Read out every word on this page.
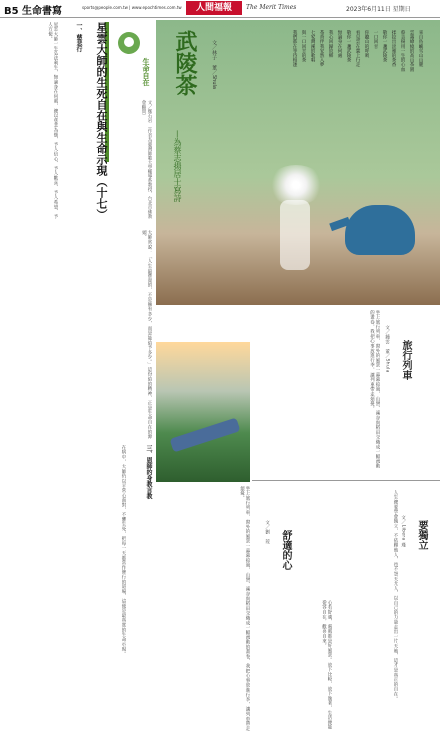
B5 生命書寫	sports@people.com.tw | www.epochtimes.com.tw	人間福報	The Merit Times	2023年6月11日 星期日
生命自在
文／鄭石岩 （作者為臺灣師範大學輔導系教授、台北市佛教會顧問）
星雲大師的生死自在與生命示現（十七）
一、慈悲行
星雲大師一生弘法利生，無論身在何處，總以慈悲為懷，予人信心、予人歡喜、予人希望、予人方便。
大師常說：「人生最寶貴的，不是擁有多少，而是能給予多少。」這份給的精神，正是生命自在的源頭。
三、恩師的身教言教
在病中，大師仍以平常心面對，不懼生死，把每一天都當作修行的道場，這便是最真實的生命示現。
武陵茶
—為蔡志揚居士寫詩
文／林子　董／Shula	來自島嶼雪山山麓
雲霧繚繞的高山茶園
蔡志揚用一生的心血
揉捻出淡雅的茶香
敬你一盞武陵茶
一口回甘
你聽山的呼吸
看見雲在葉上行走
敬你一盞武陵茶
無論身在何處
我心回歸故鄉
茶香伴我安然入夢
七家灣溪的歌唱
與一口回甘的茶
我們都在等待相逢
坐上旅行列車，窗外的風景一幕幕掠過，山巒、溪谷與稻田交織成一幅流動的畫卷，我把心事放進行李，讓列車帶走煩憂。
旅行列車
文／鍾雲　董／Shula
坐上旅行列車，窗外的風景一幕幕掠過，山巒、溪谷與稻田交織成一幅流動的畫卷，我把心事放進行李，讓列車帶走煩憂。
舒適的心
文／劉　葭
心若舒適，處處都是好風景。放下比較，放下執著，生活便能從容自在，歡喜自來。
要獨立
文／Libera 瑾
人生總要學會獨立，不依賴他人，也不怨天尤人，以自己的力量走出一片天地，這才是真正的自在。
